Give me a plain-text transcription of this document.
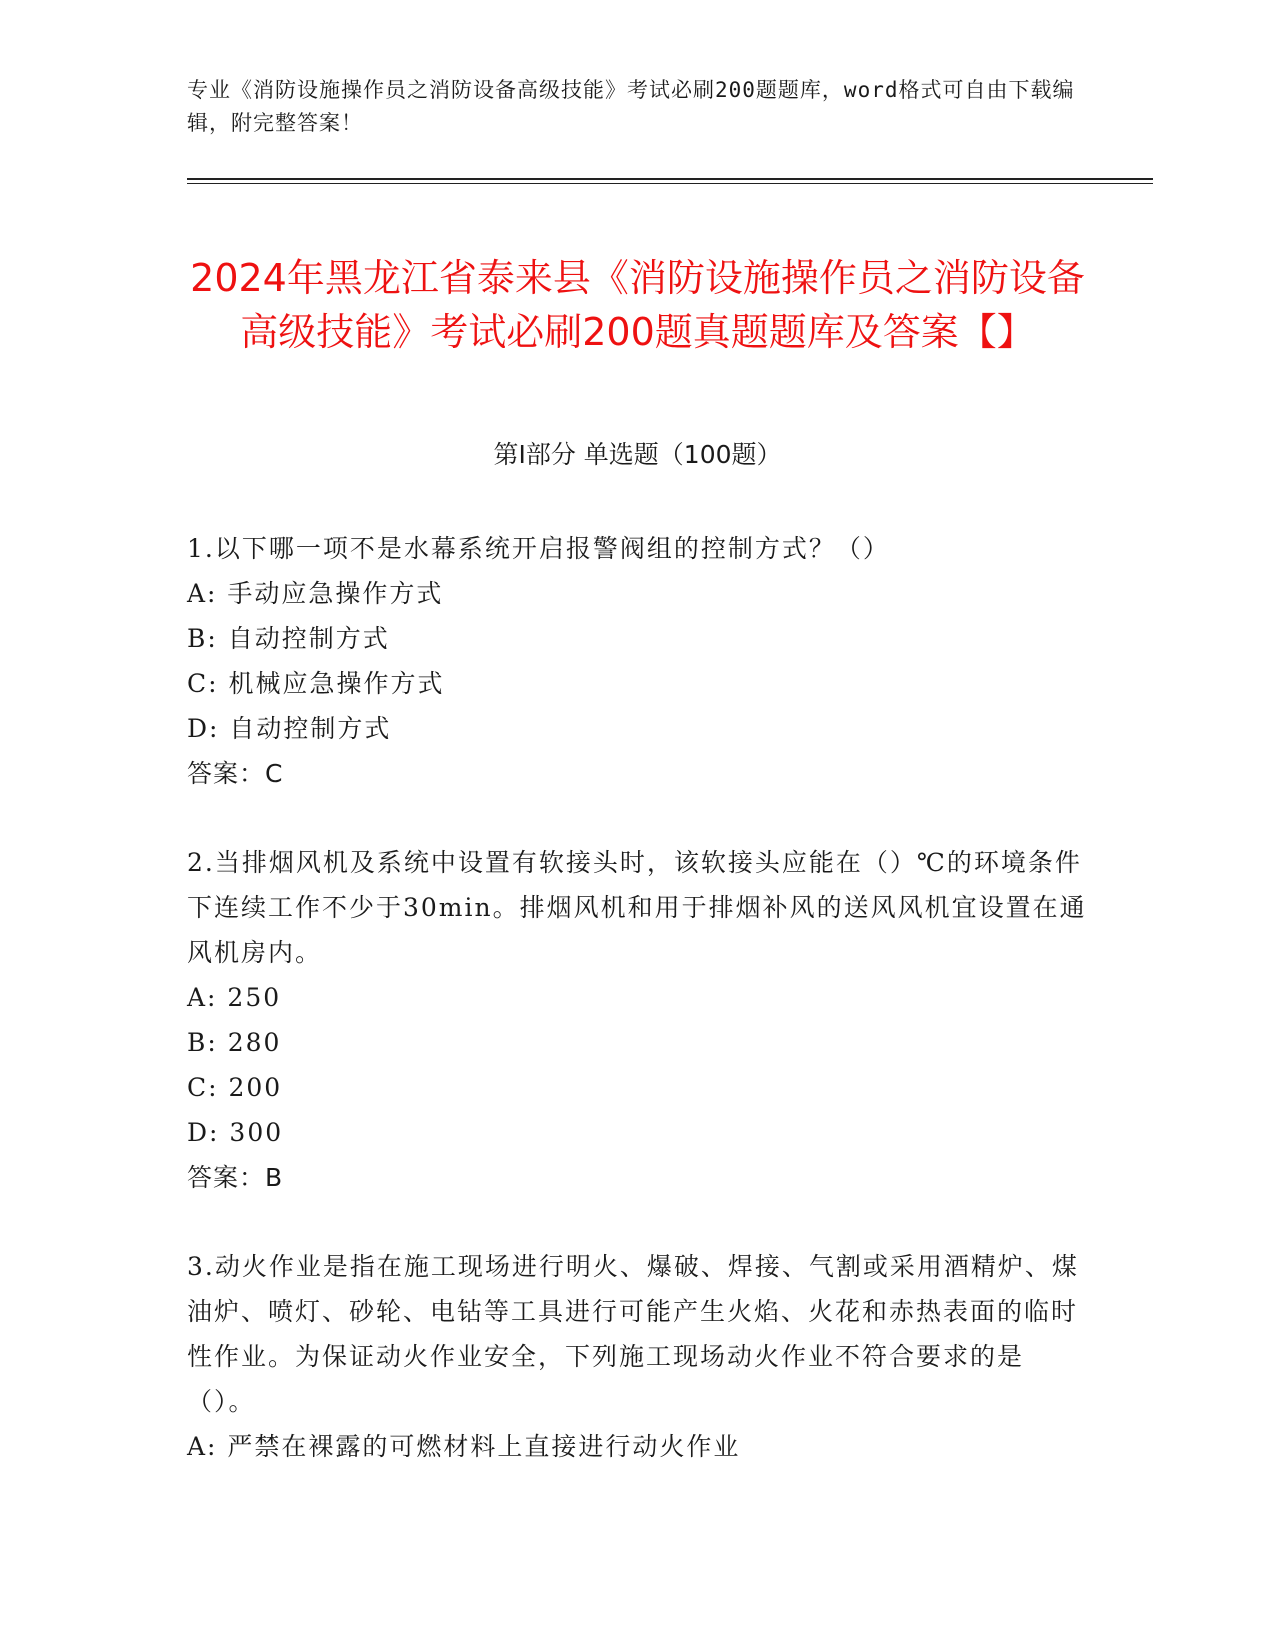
专业《消防设施操作员之消防设备高级技能》考试必刷200题题库，word格式可自由下载编辑，附完整答案！
2024年黑龙江省泰来县《消防设施操作员之消防设备高级技能》考试必刷200题真题题库及答案【】
第Ⅰ部分 单选题（100题）
1.以下哪一项不是水幕系统开启报警阀组的控制方式？（）
A: 手动应急操作方式
B: 自动控制方式
C: 机械应急操作方式
D: 自动控制方式
答案：C
2.当排烟风机及系统中设置有软接头时，该软接头应能在（）℃的环境条件下连续工作不少于30min。排烟风机和用于排烟补风的送风风机宜设置在通风机房内。
A: 250
B: 280
C: 200
D: 300
答案：B
3.动火作业是指在施工现场进行明火、爆破、焊接、气割或采用酒精炉、煤油炉、喷灯、砂轮、电钻等工具进行可能产生火焰、火花和赤热表面的临时性作业。为保证动火作业安全，下列施工现场动火作业不符合要求的是（）。
A: 严禁在裸露的可燃材料上直接进行动火作业
